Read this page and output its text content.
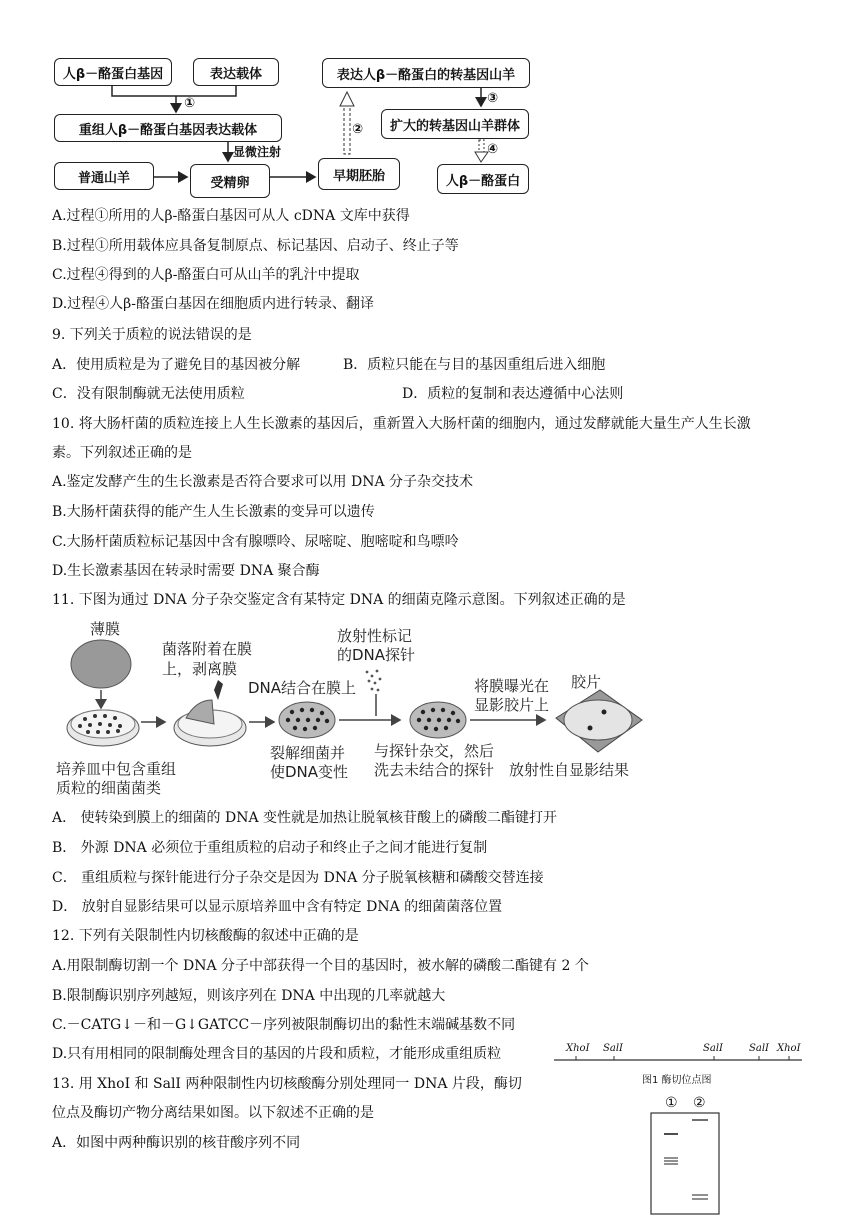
人β－酪蛋白基因	表达载体
①
重组人β－酪蛋白基因表达载体
显微注射
普通山羊	受精卵	早期胚胎
②
表达人β－酪蛋白的转基因山羊
③
扩大的转基因山羊群体
④
人β－酪蛋白
A.过程①所用的人β-酪蛋白基因可从人 cDNA 文库中获得
B.过程①所用载体应具备复制原点、标记基因、启动子、终止子等
C.过程④得到的人β-酪蛋白可从山羊的乳汁中提取
D.过程④人β-酪蛋白基因在细胞质内进行转录、翻译
9. 下列关于质粒的说法错误的是
A．使用质粒是为了避免目的基因被分解	B．质粒只能在与目的基因重组后进入细胞
C．没有限制酶就无法使用质粒	D．质粒的复制和表达遵循中心法则
10. 将大肠杆菌的质粒连接上人生长激素的基因后，重新置入大肠杆菌的细胞内，通过发酵就能大量生产人生长激
素。下列叙述正确的是
A.鉴定发酵产生的生长激素是否符合要求可以用 DNA 分子杂交技术
B.大肠杆菌获得的能产生人生长激素的变异可以遗传
C.大肠杆菌质粒标记基因中含有腺嘌呤、尿嘧啶、胞嘧啶和鸟嘌呤
D.生长激素基因在转录时需要 DNA 聚合酶
11. 下图为通过 DNA 分子杂交鉴定含有某特定 DNA 的细菌克隆示意图。下列叙述正确的是
薄膜
菌落附着在膜
上，剥离膜
放射性标记
的DNA探针
DNA结合在膜上	将膜曝光在
显影胶片上
胶片
培养皿中包含重组
质粒的细菌菌类
裂解细菌并
使DNA变性
与探针杂交，然后
洗去未结合的探针 放射性自显影结果
A． 使转染到膜上的细菌的 DNA 变性就是加热让脱氧核苷酸上的磷酸二酯键打开
B． 外源 DNA 必须位于重组质粒的启动子和终止子之间才能进行复制
C． 重组质粒与探针能进行分子杂交是因为 DNA 分子脱氧核糖和磷酸交替连接
D． 放射自显影结果可以显示原培养皿中含有特定 DNA 的细菌菌落位置
12. 下列有关限制性内切核酸酶的叙述中正确的是
A.用限制酶切割一个 DNA 分子中部获得一个目的基因时，被水解的磷酸二酯键有 2 个
B.限制酶识别序列越短，则该序列在 DNA 中出现的几率就越大
C.－CATG↓－和－G↓GATCC－序列被限制酶切出的黏性末端碱基数不同
D.只有用相同的限制酶处理含目的基因的片段和质粒，才能形成重组质粒
13. 用 XhoI 和 SalI 两种限制性内切核酸酶分别处理同一 DNA 片段，酶切
位点及酶切产物分离结果如图。以下叙述不正确的是
A．如图中两种酶识别的核苷酸序列不同
XhoⅠ SalⅠ	SalⅠ	SalⅠ XhoⅠ
图1 酶切位点图
① ②
